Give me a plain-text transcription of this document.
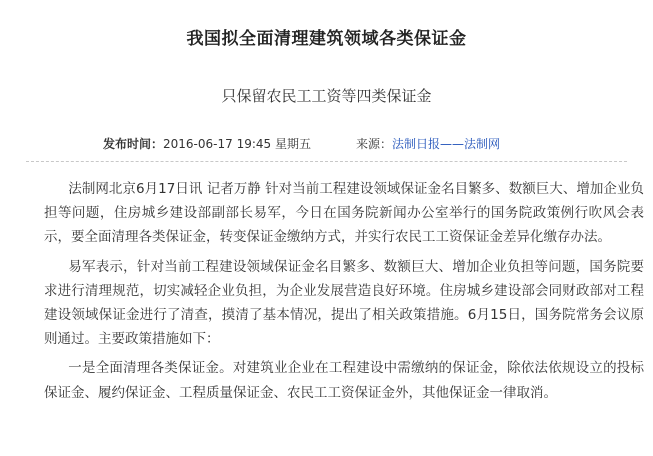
我国拟全面清理建筑领域各类保证金
只保留农民工工资等四类保证金
发布时间：2016-06-17 19:45 星期五	来源：法制日报——法制网

法制网北京6月17日讯 记者万静 针对当前工程建设领域保证金名目繁多、数额巨大、增加企业负担等问题，住房城乡建设部副部长易军，今日在国务院新闻办公室举行的国务院政策例行吹风会表示，要全面清理各类保证金，转变保证金缴纳方式，并实行农民工工资保证金差异化缴存办法。

易军表示，针对当前工程建设领域保证金名目繁多、数额巨大、增加企业负担等问题，国务院要求进行清理规范，切实减轻企业负担，为企业发展营造良好环境。住房城乡建设部会同财政部对工程建设领域保证金进行了清查，摸清了基本情况，提出了相关政策措施。6月15日，国务院常务会议原则通过。主要政策措施如下：

一是全面清理各类保证金。对建筑业企业在工程建设中需缴纳的保证金，除依法依规设立的投标保证金、履约保证金、工程质量保证金、农民工工资保证金外，其他保证金一律取消。
